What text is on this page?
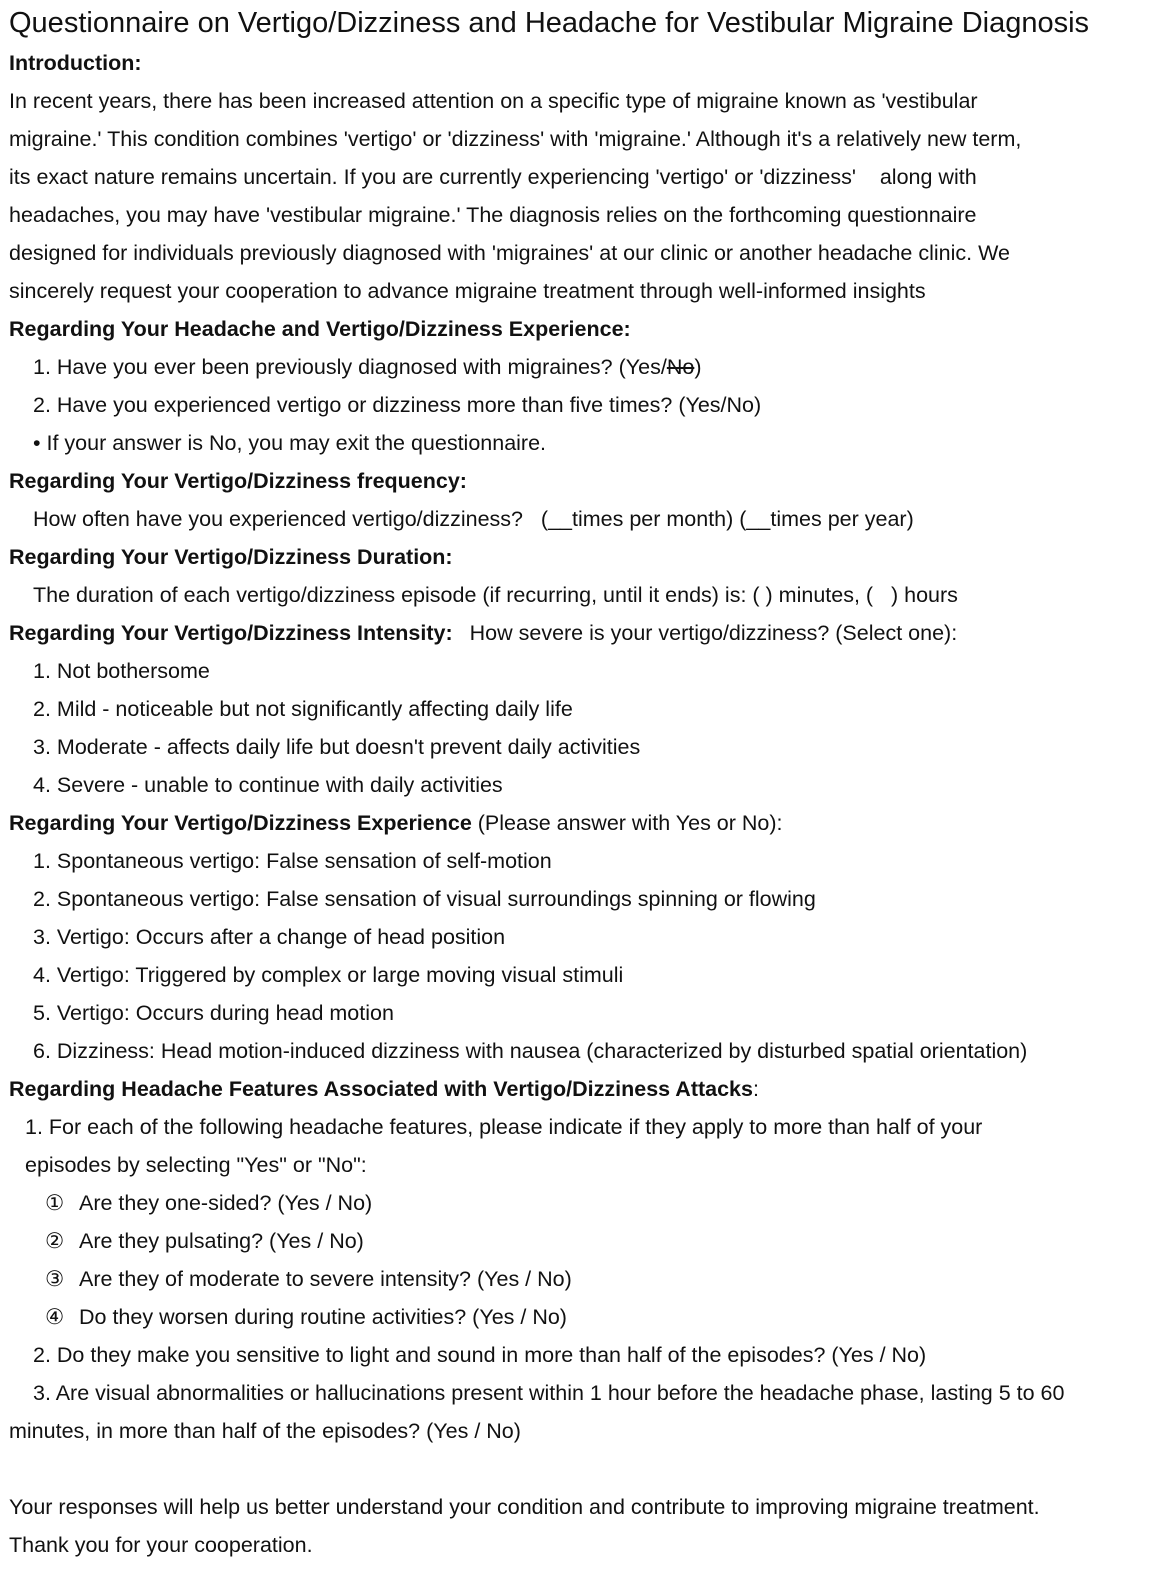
Questionnaire on Vertigo/Dizziness and Headache for Vestibular Migraine Diagnosis
Introduction:
In recent years, there has been increased attention on a specific type of migraine known as 'vestibular
migraine.' This condition combines 'vertigo' or 'dizziness' with 'migraine.' Although it's a relatively new term,
its exact nature remains uncertain. If you are currently experiencing 'vertigo' or 'dizziness'    along with
headaches, you may have 'vestibular migraine.' The diagnosis relies on the forthcoming questionnaire
designed for individuals previously diagnosed with 'migraines' at our clinic or another headache clinic. We
sincerely request your cooperation to advance migraine treatment through well-informed insights
Regarding Your Headache and Vertigo/Dizziness Experience:
1. Have you ever been previously diagnosed with migraines? (Yes/No)
2. Have you experienced vertigo or dizziness more than five times? (Yes/No)
• If your answer is No, you may exit the questionnaire.
Regarding Your Vertigo/Dizziness frequency:
How often have you experienced vertigo/dizziness?   (__times per month) (__times per year)
Regarding Your Vertigo/Dizziness Duration:
The duration of each vertigo/dizziness episode (if recurring, until it ends) is: ( ) minutes, (   ) hours
Regarding Your Vertigo/Dizziness Intensity: How severe is your vertigo/dizziness? (Select one):
1. Not bothersome
2. Mild - noticeable but not significantly affecting daily life
3. Moderate - affects daily life but doesn't prevent daily activities
4. Severe - unable to continue with daily activities
Regarding Your Vertigo/Dizziness Experience (Please answer with Yes or No):
1. Spontaneous vertigo: False sensation of self-motion
2. Spontaneous vertigo: False sensation of visual surroundings spinning or flowing
3. Vertigo: Occurs after a change of head position
4. Vertigo: Triggered by complex or large moving visual stimuli
5. Vertigo: Occurs during head motion
6. Dizziness: Head motion-induced dizziness with nausea (characterized by disturbed spatial orientation)
Regarding Headache Features Associated with Vertigo/Dizziness Attacks:
1. For each of the following headache features, please indicate if they apply to more than half of your
episodes by selecting "Yes" or "No":
① Are they one-sided? (Yes / No)
② Are they pulsating? (Yes / No)
③ Are they of moderate to severe intensity? (Yes / No)
④ Do they worsen during routine activities? (Yes / No)
2. Do they make you sensitive to light and sound in more than half of the episodes? (Yes / No)
3. Are visual abnormalities or hallucinations present within 1 hour before the headache phase, lasting 5 to 60
minutes, in more than half of the episodes? (Yes / No)
Your responses will help us better understand your condition and contribute to improving migraine treatment.
Thank you for your cooperation.
